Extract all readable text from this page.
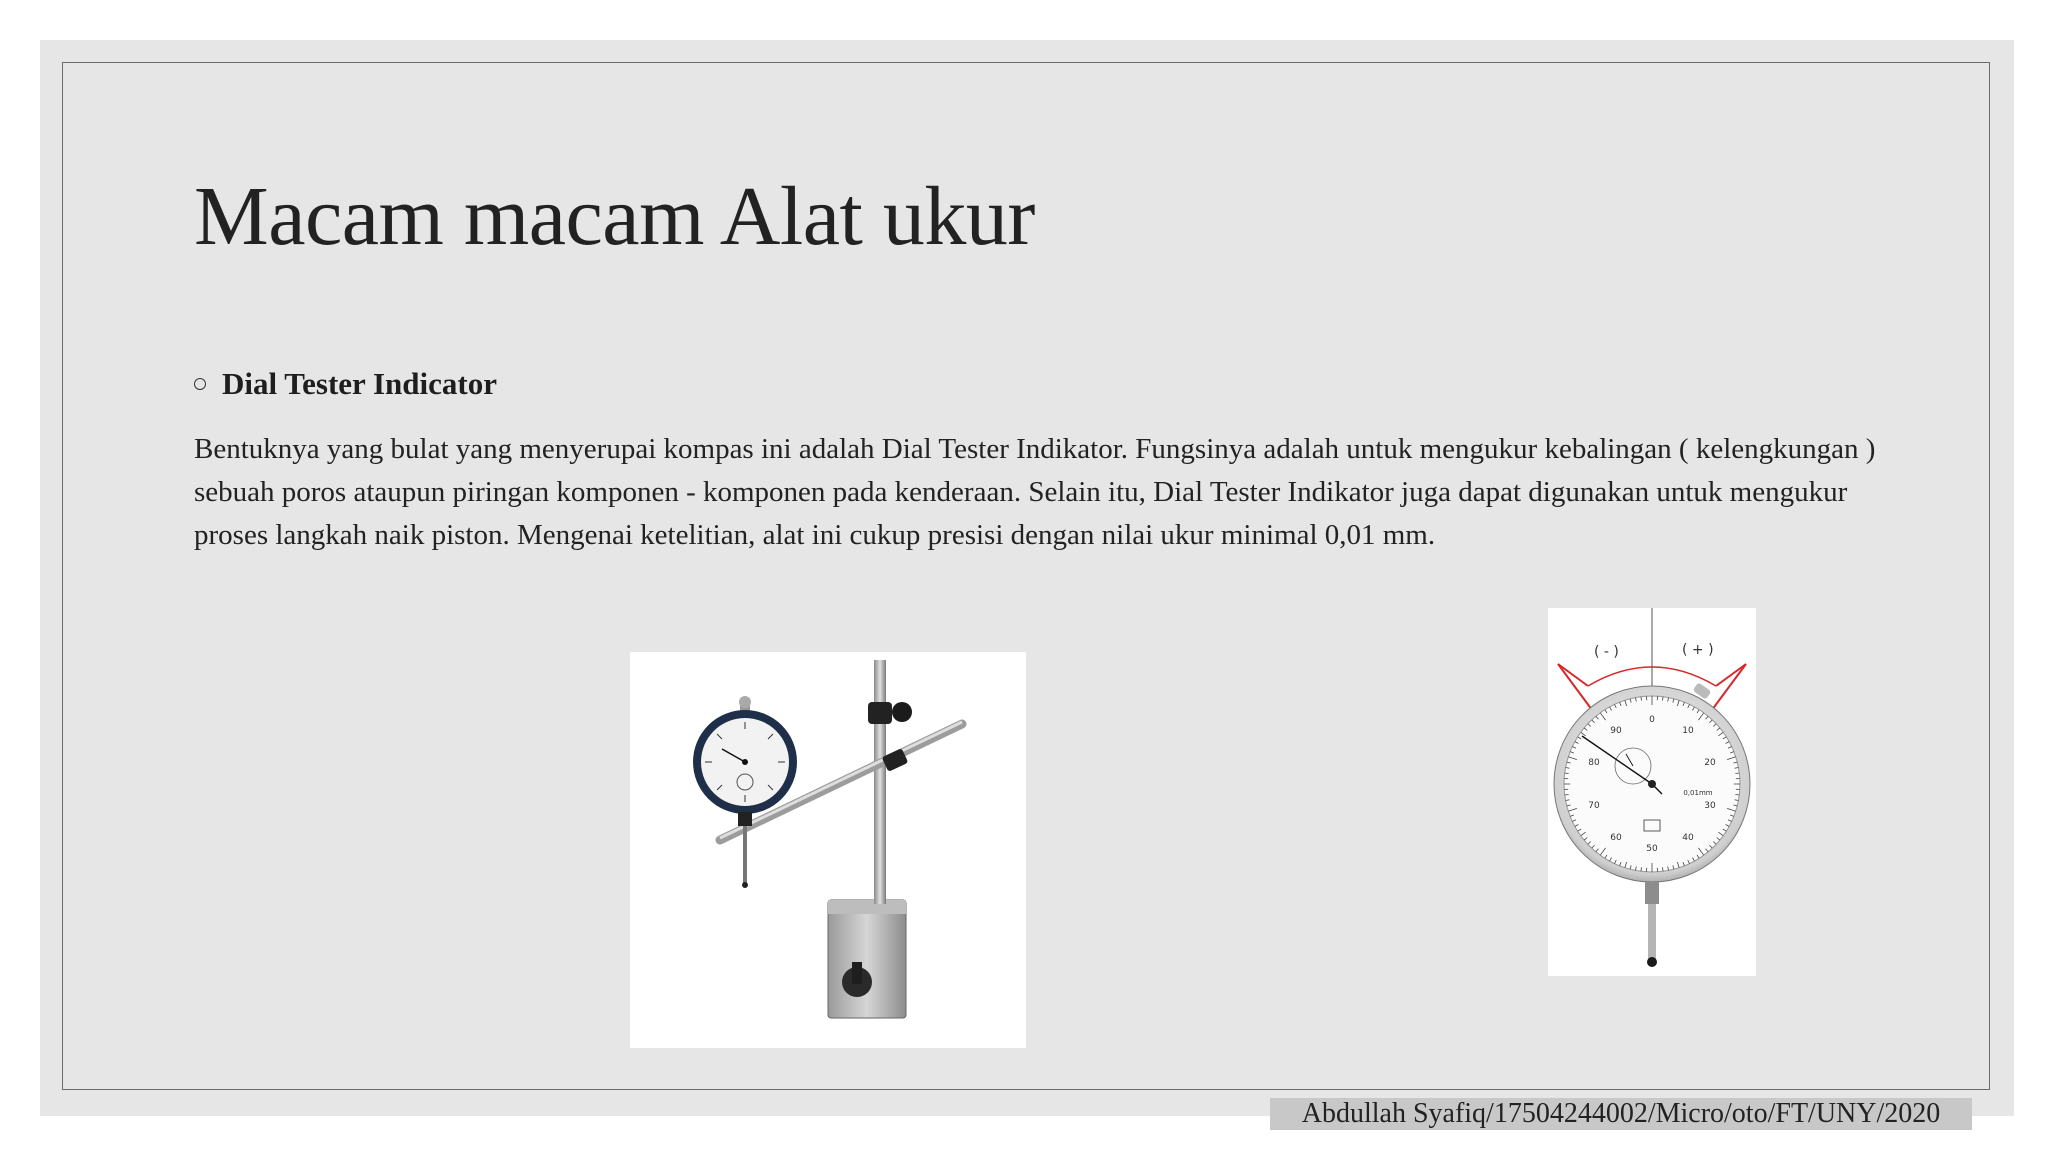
Macam macam Alat ukur
Dial Tester Indicator

Bentuknya yang bulat yang menyerupai kompas ini adalah Dial Tester Indikator. Fungsinya adalah untuk mengukur kebalingan ( kelengkungan ) sebuah poros ataupun piringan komponen - komponen pada kenderaan. Selain itu, Dial Tester Indikator juga dapat digunakan untuk mengukur proses langkah naik piston. Mengenai ketelitian, alat ini cukup presisi dengan nilai ukur minimal 0,01 mm.

( - )	( + )
0
10
20
30
40
50
60
70
80
90
0,01mm
Abdullah Syafiq/17504244002/Micro/oto/FT/UNY/2020
